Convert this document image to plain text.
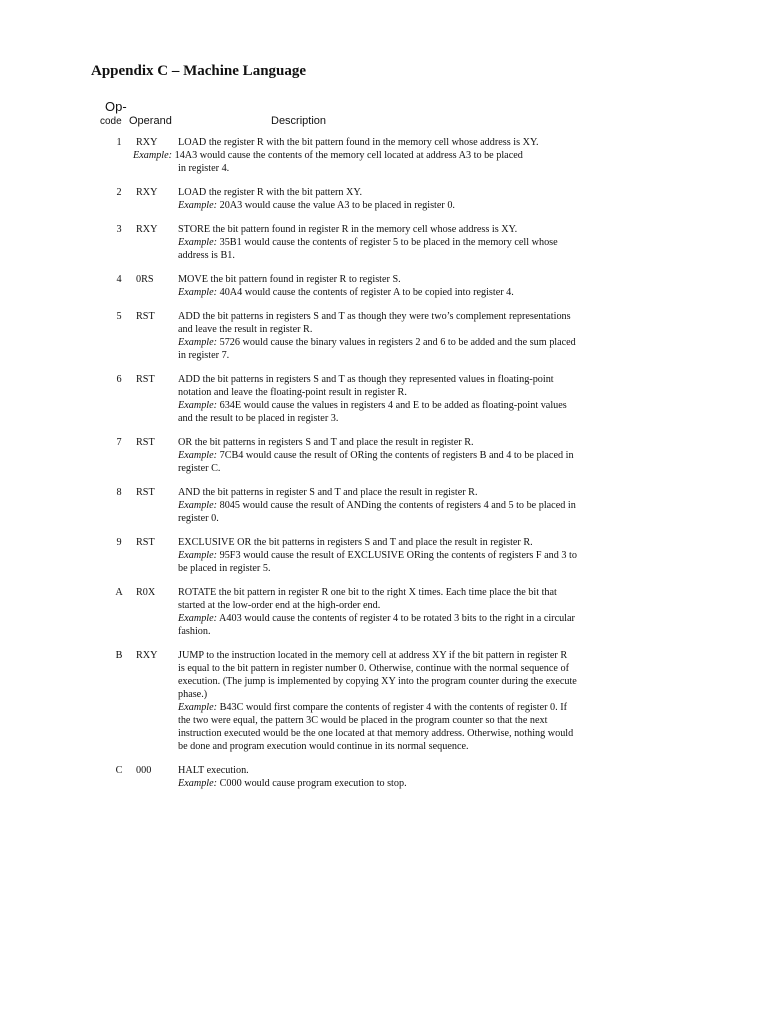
Appendix C – Machine Language
Op-
code Operand	Description
1	RXY	LOAD the register R with the bit pattern found in the memory cell whose address is XY.
Example: 14A3 would cause the contents of the memory cell located at address A3 to be placed
in register 4.
2	RXY	LOAD the register R with the bit pattern XY.
Example: 20A3 would cause the value A3 to be placed in register 0.
3	RXY	STORE the bit pattern found in register R in the memory cell whose address is XY.
Example: 35B1 would cause the contents of register 5 to be placed in the memory cell whose
address is B1.
4	0RS	MOVE the bit pattern found in register R to register S.
Example: 40A4 would cause the contents of register A to be copied into register 4.
5	RST	ADD the bit patterns in registers S and T as though they were two’s complement representations
and leave the result in register R.
Example: 5726 would cause the binary values in registers 2 and 6 to be added and the sum placed
in register 7.
6	RST	ADD the bit patterns in registers S and T as though they represented values in floating-point
notation and leave the floating-point result in register R.
Example: 634E would cause the values in registers 4 and E to be added as floating-point values
and the result to be placed in register 3.
7	RST	OR the bit patterns in registers S and T and place the result in register R.
Example: 7CB4 would cause the result of ORing the contents of registers B and 4 to be placed in
register C.
8	RST	AND the bit patterns in register S and T and place the result in register R.
Example: 8045 would cause the result of ANDing the contents of registers 4 and 5 to be placed in
register 0.
9	RST	EXCLUSIVE OR the bit patterns in registers S and T and place the result in register R.
Example: 95F3 would cause the result of EXCLUSIVE ORing the contents of registers F and 3 to
be placed in register 5.
A	R0X	ROTATE the bit pattern in register R one bit to the right X times. Each time place the bit that
started at the low-order end at the high-order end.
Example: A403 would cause the contents of register 4 to be rotated 3 bits to the right in a circular
fashion.
B	RXY	JUMP to the instruction located in the memory cell at address XY if the bit pattern in register R
is equal to the bit pattern in register number 0. Otherwise, continue with the normal sequence of
execution. (The jump is implemented by copying XY into the program counter during the execute
phase.)
Example: B43C would first compare the contents of register 4 with the contents of register 0. If
the two were equal, the pattern 3C would be placed in the program counter so that the next
instruction executed would be the one located at that memory address. Otherwise, nothing would
be done and program execution would continue in its normal sequence.
C	000	HALT execution.
Example: C000 would cause program execution to stop.
